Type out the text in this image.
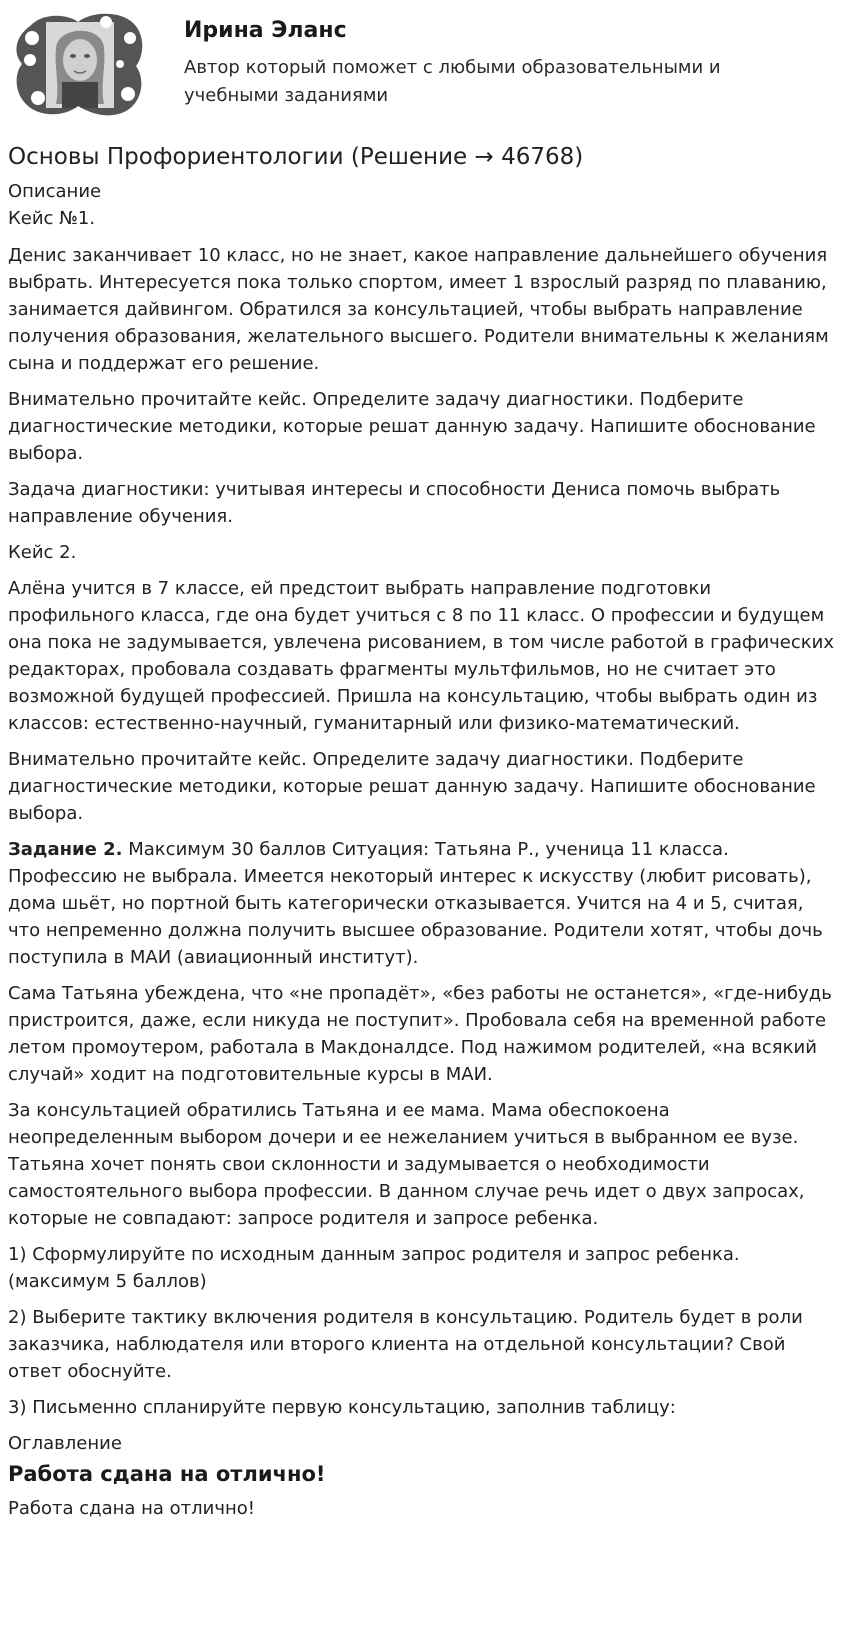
Ирина Эланс
Автор который поможет с любыми образовательными и учебными заданиями
Основы Профориентологии (Решение → 46768)
Описание
Кейс №1.

Денис заканчивает 10 класс, но не знает, какое направление дальнейшего обучения выбрать. Интересуется пока только спортом, имеет 1 взрослый разряд по плаванию, занимается дайвингом. Обратился за консультацией, чтобы выбрать направление получения образования, желательного высшего. Родители внимательны к желаниям сына и поддержат его решение.

Внимательно прочитайте кейс. Определите задачу диагностики. Подберите диагностические методики, которые решат данную задачу. Напишите обоснование выбора.

Задача диагностики: учитывая интересы и способности Дениса помочь выбрать направление обучения.

Кейс 2.

Алёна учится в 7 классе, ей предстоит выбрать направление подготовки профильного класса, где она будет учиться с 8 по 11 класс. О профессии и будущем она пока не задумывается, увлечена рисованием, в том числе работой в графических редакторах, пробовала создавать фрагменты мультфильмов, но не считает это возможной будущей профессией. Пришла на консультацию, чтобы выбрать один из классов: естественно-научный, гуманитарный или физико-математический.

Внимательно прочитайте кейс. Определите задачу диагностики. Подберите диагностические методики, которые решат данную задачу. Напишите обоснование выбора.

Задание 2. Максимум 30 баллов Ситуация: Татьяна Р., ученица 11 класса. Профессию не выбрала. Имеется некоторый интерес к искусству (любит рисовать), дома шьёт, но портной быть категорически отказывается. Учится на 4 и 5, считая, что непременно должна получить высшее образование. Родители хотят, чтобы дочь поступила в МАИ (авиационный институт).

Сама Татьяна убеждена, что «не пропадёт», «без работы не останется», «где-нибудь пристроится, даже, если никуда не поступит». Пробовала себя на временной работе летом промоутером, работала в Макдоналдсе. Под нажимом родителей, «на всякий случай» ходит на подготовительные курсы в МАИ.

За консультацией обратились Татьяна и ее мама. Мама обеспокоена неопределенным выбором дочери и ее нежеланием учиться в выбранном ее вузе. Татьяна хочет понять свои склонности и задумывается о необходимости самостоятельного выбора профессии. В данном случае речь идет о двух запросах, которые не совпадают: запросе родителя и запросе ребенка.

1) Сформулируйте по исходным данным запрос родителя и запрос ребенка. (максимум 5 баллов)

2) Выберите тактику включения родителя в консультацию. Родитель будет в роли заказчика, наблюдателя или второго клиента на отдельной консультации? Свой ответ обоснуйте.

3) Письменно спланируйте первую консультацию, заполнив таблицу:

Оглавление
Работа сдана на отлично!

Работа сдана на отлично!
